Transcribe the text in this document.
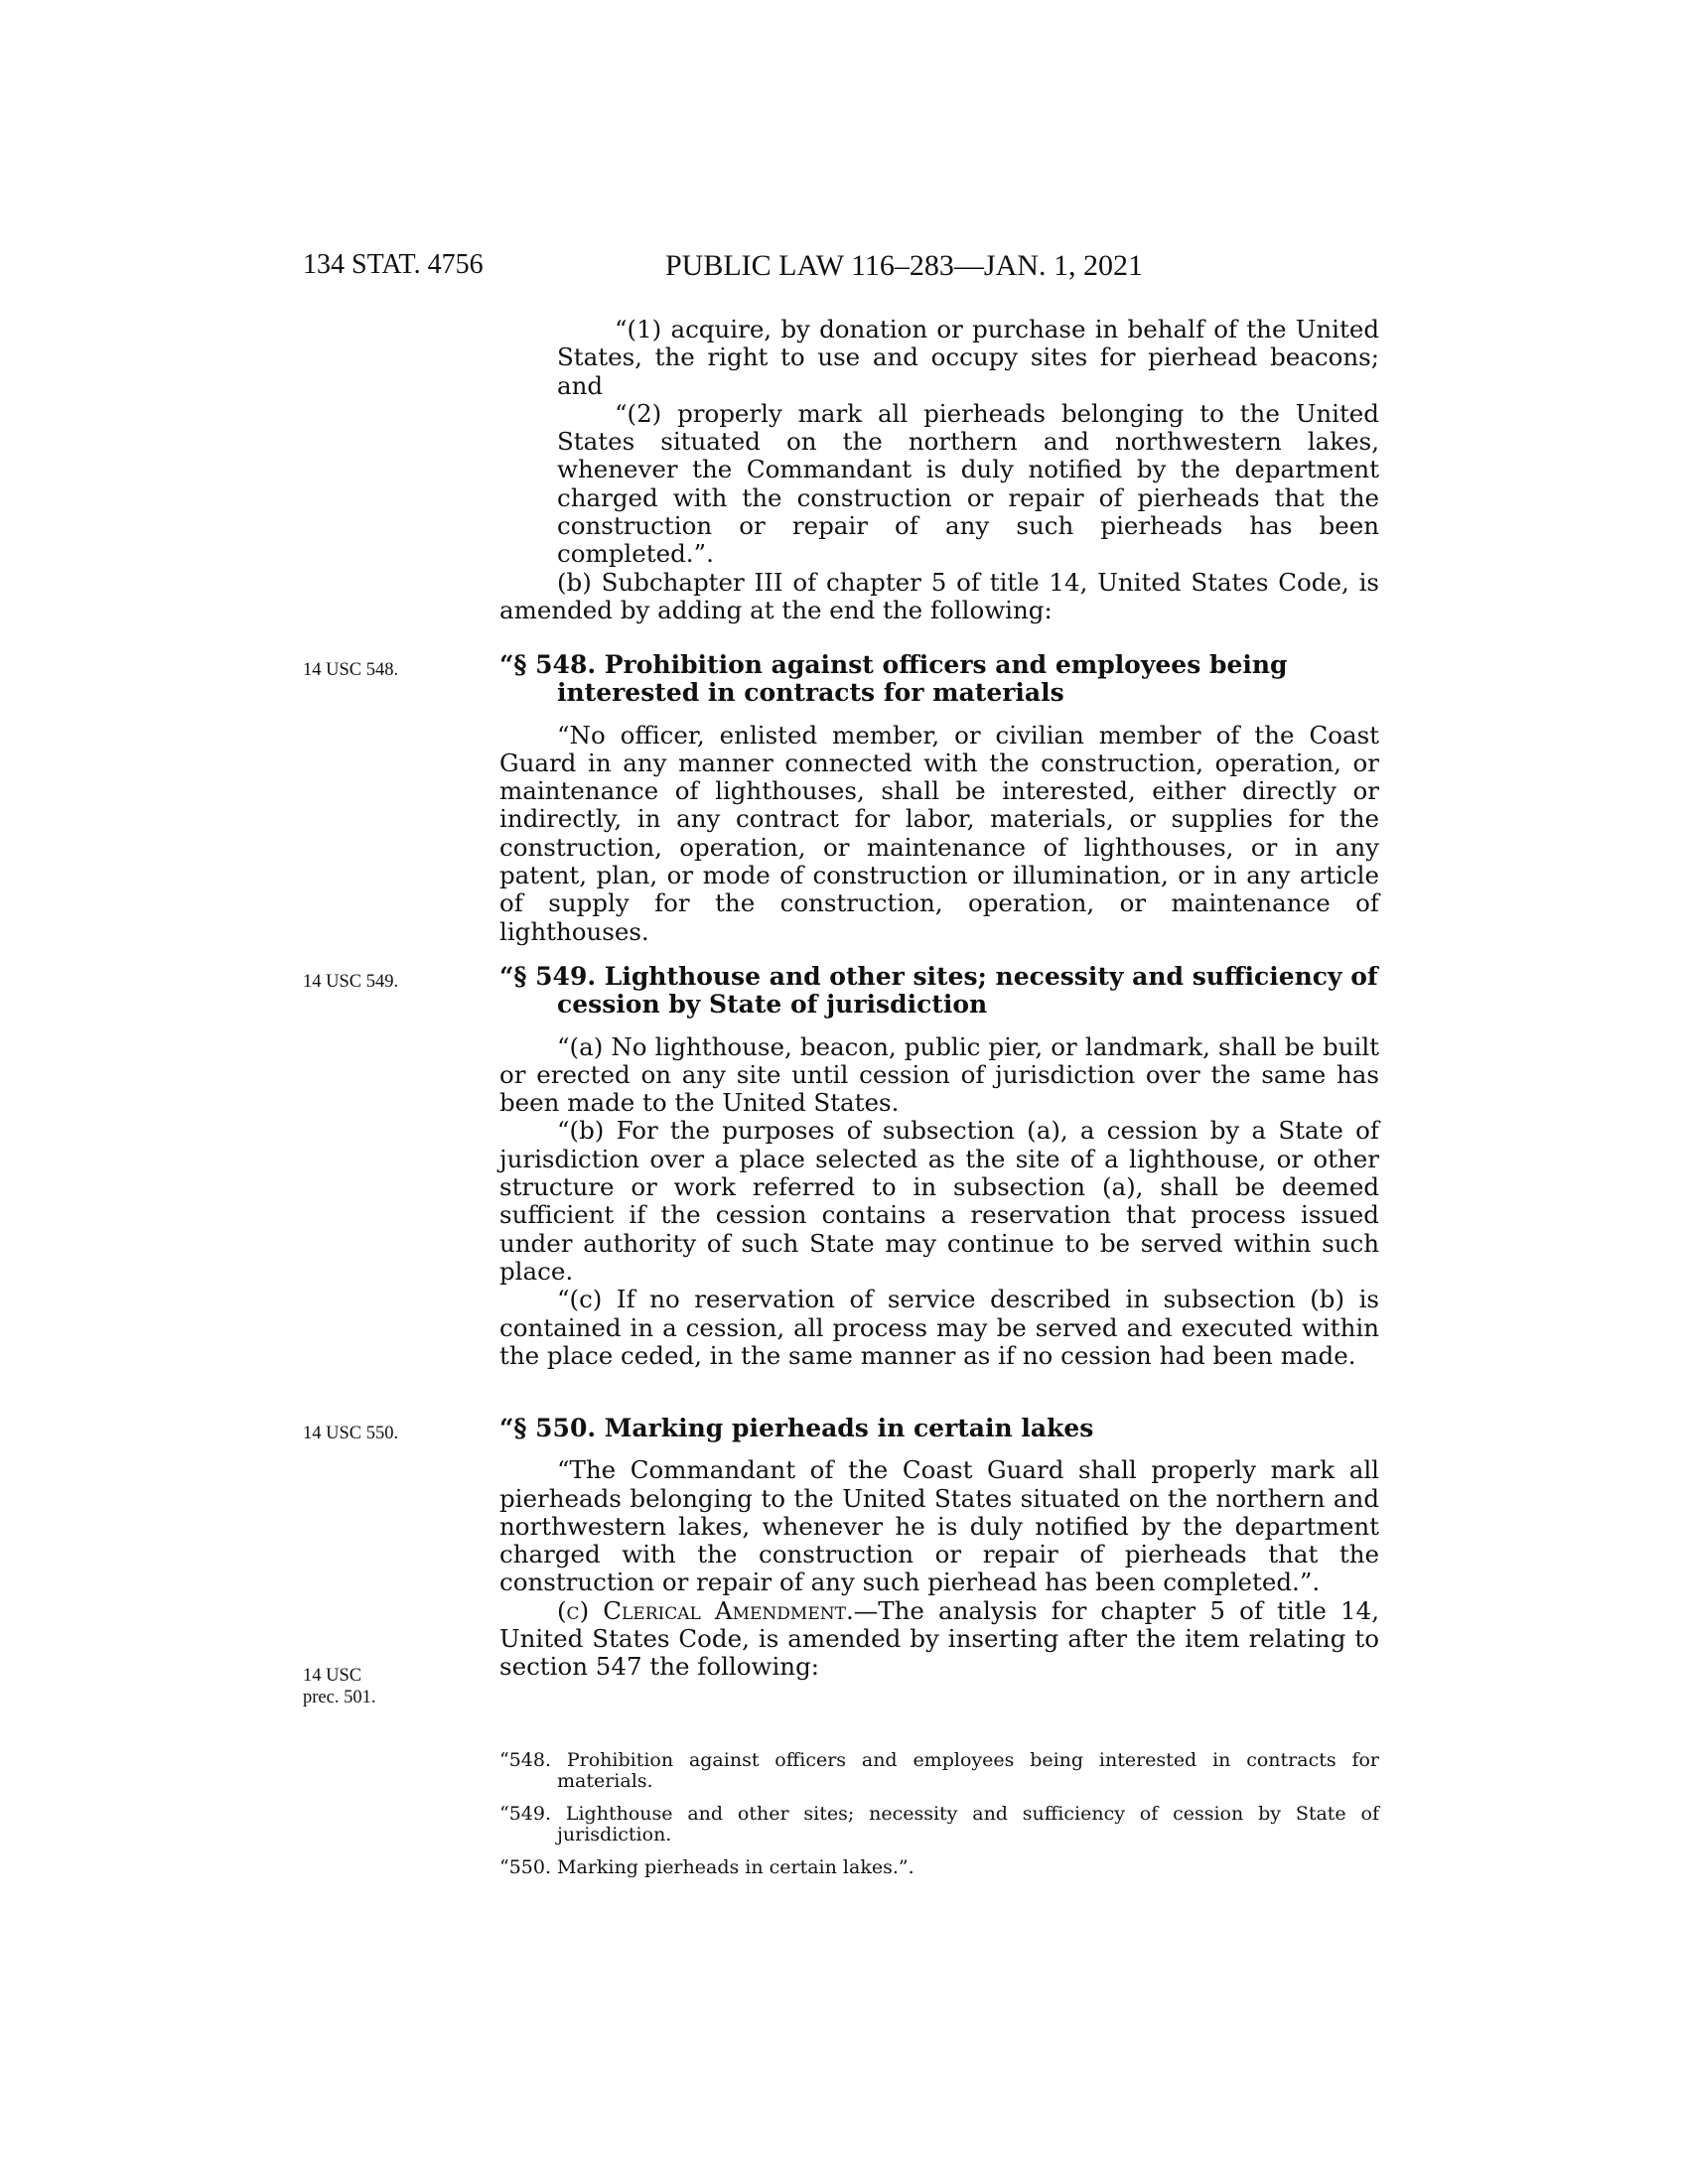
134 STAT. 4756	PUBLIC LAW 116–283—JAN. 1, 2021

“(1) acquire, by donation or purchase in behalf of the United States, the right to use and occupy sites for pierhead beacons; and

“(2) properly mark all pierheads belonging to the United States situated on the northern and northwestern lakes, whenever the Commandant is duly notified by the department charged with the construction or repair of pierheads that the construction or repair of any such pierheads has been completed.”.

(b) Subchapter III of chapter 5 of title 14, United States Code, is amended by adding at the end the following:

14 USC 548.	“§ 548. Prohibition against officers and employees being interested in contracts for materials

“No officer, enlisted member, or civilian member of the Coast Guard in any manner connected with the construction, operation, or maintenance of lighthouses, shall be interested, either directly or indirectly, in any contract for labor, materials, or supplies for the construction, operation, or maintenance of lighthouses, or in any patent, plan, or mode of construction or illumination, or in any article of supply for the construction, operation, or maintenance of lighthouses.

14 USC 549.	“§ 549. Lighthouse and other sites; necessity and sufficiency of cession by State of jurisdiction

“(a) No lighthouse, beacon, public pier, or landmark, shall be built or erected on any site until cession of jurisdiction over the same has been made to the United States.

“(b) For the purposes of subsection (a), a cession by a State of jurisdiction over a place selected as the site of a lighthouse, or other structure or work referred to in subsection (a), shall be deemed sufficient if the cession contains a reservation that process issued under authority of such State may continue to be served within such place.

“(c) If no reservation of service described in subsection (b) is contained in a cession, all process may be served and executed within the place ceded, in the same manner as if no cession had been made.

14 USC 550.	“§ 550. Marking pierheads in certain lakes

“The Commandant of the Coast Guard shall properly mark all pierheads belonging to the United States situated on the northern and northwestern lakes, whenever he is duly notified by the department charged with the construction or repair of pierheads that the construction or repair of any such pierhead has been completed.”.

(c) Clerical Amendment.—The analysis for chapter 5 of title 14, United States Code, is amended by inserting after the item relating to section 547 the following:

14 USC
prec. 501.

“548. Prohibition against officers and employees being interested in contracts for materials.

“549. Lighthouse and other sites; necessity and sufficiency of cession by State of jurisdiction.

“550. Marking pierheads in certain lakes.”.
